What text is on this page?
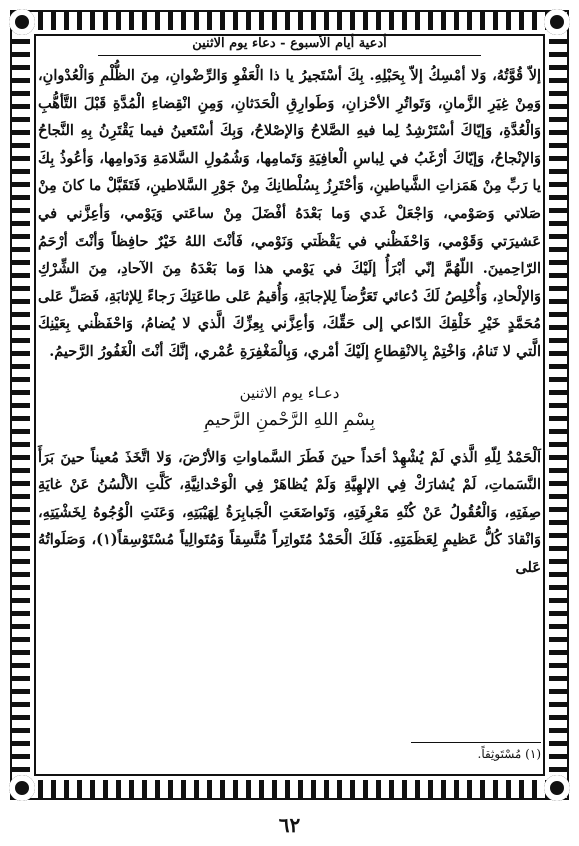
أدعية أيام الأسبوع - دعاء يوم الاثنين

إلاّ قُوَّتُهُ، وَلا أمْسِكُ إلاّ بِحَبْلِهِ. بِكَ أسْتَجيرُ يا ذا الْعَفْوِ وَالرِّضْوانِ، مِنَ الظُّلْمِ وَالْعُدْوانِ، وَمِنْ غِيَرِ الزَّمانِ، وَتَواتُرِ الأحْزانِ، وَطَوارِقِ الْحَدَثانِ، وَمِنِ انْقِضاءِ الْمُدَّةِ قَبْلَ التَّأهُّبِ وَالْعُدَّةِ، وَإيّاكَ أسْتَرْشِدُ لِما فيهِ الصَّلاحُ وَالإصْلاحُ، وَبِكَ أسْتَعينُ فيما يَقْتَرِنُ بِهِ النَّجاحُ وَالإنْجاحُ، وَإيّاكَ أرْغَبُ في لِباسِ الْعافِيَةِ وَتَمامِها، وَشُمُولِ السَّلامَةِ وَدَوامِها، وَأعُوذُ بِكَ يا رَبِّ مِنْ هَمَزاتِ الشَّياطينِ، وَأحْتَرِزُ بِسُلْطانِكَ مِنْ جَوْرِ السَّلاطينِ، فَتَقَبَّلْ ما كانَ مِنْ صَلاتي وَصَوْمي، وَاجْعَلْ غَدي وَما بَعْدَهُ أفْضَلَ مِنْ ساعَتي وَيَوْمي، وَأعِزَّني في عَشيرَتي وَقَوْمي، وَاحْفَظْني في يَقْظَتي وَنَوْمي، فَأنْتَ اللهُ خَيْرٌ حافِظاً وَأنْتَ أرْحَمُ الرّاحِمينَ. اللّهُمَّ إنّي أبْرَأُ إلَيْكَ في يَوْمي هذا وَما بَعْدَهُ مِنَ الآحادِ، مِنَ الشِّرْكِ وَالإلْحادِ، وَأُخْلِصُ لَكَ دُعائي تَعَرُّضاً لِلإجابَةِ، وَأُقيمُ عَلى طاعَتِكَ رَجاءً لِلإثابَةِ، فَصَلِّ عَلى مُحَمَّدٍ خَيْرِ خَلْقِكَ الدّاعي إلى حَقِّكَ، وَأعِزَّني بِعِزِّكَ الَّذي لا يُضامُ، وَاحْفَظْني بِعَيْنِكَ الَّتي لا تَنامُ، وَاخْتِمْ بِالانْقِطاعِ إلَيْكَ أمْري، وَبِالْمَغْفِرَةِ عُمْري، إنَّكَ أنْتَ الْغَفُورُ الرَّحيمُ.

دعـاء يوم الاثنين
بِسْمِ اللهِ الرَّحْمنِ الرَّحيمِ

اَلْحَمْدُ لِلّهِ الَّذي لَمْ يُشْهِدْ أحَداً حينَ فَطَرَ السَّماواتِ وَالأرْضَ، وَلا اتَّخَذَ مُعيناً حينَ بَرَأَ النَّسَماتِ، لَمْ يُشارَكْ فِي الإلهِيَّةِ وَلَمْ يُظاهَرْ فِي الْوَحْدانِيَّةِ، كَلَّتِ الألْسُنُ عَنْ غايَةِ صِفَتِهِ، وَالْعُقُولُ عَنْ كُنْهِ مَعْرِفَتِهِ، وَتَواضَعَتِ الْجَبابِرَةُ لِهَيْبَتِهِ، وَعَنَتِ الْوُجُوهُ لِخَشْيَتِهِ، وَانْقادَ كُلُّ عَظيمٍ لِعَظَمَتِهِ. فَلَكَ الْحَمْدُ مُتَواتِراً مُتَّسِقاً وَمُتَوالِياً مُسْتَوْسِقاً(١)، وَصَلَواتُهُ عَلى

(١) مُسْتَوثِقاً.
٦٢
